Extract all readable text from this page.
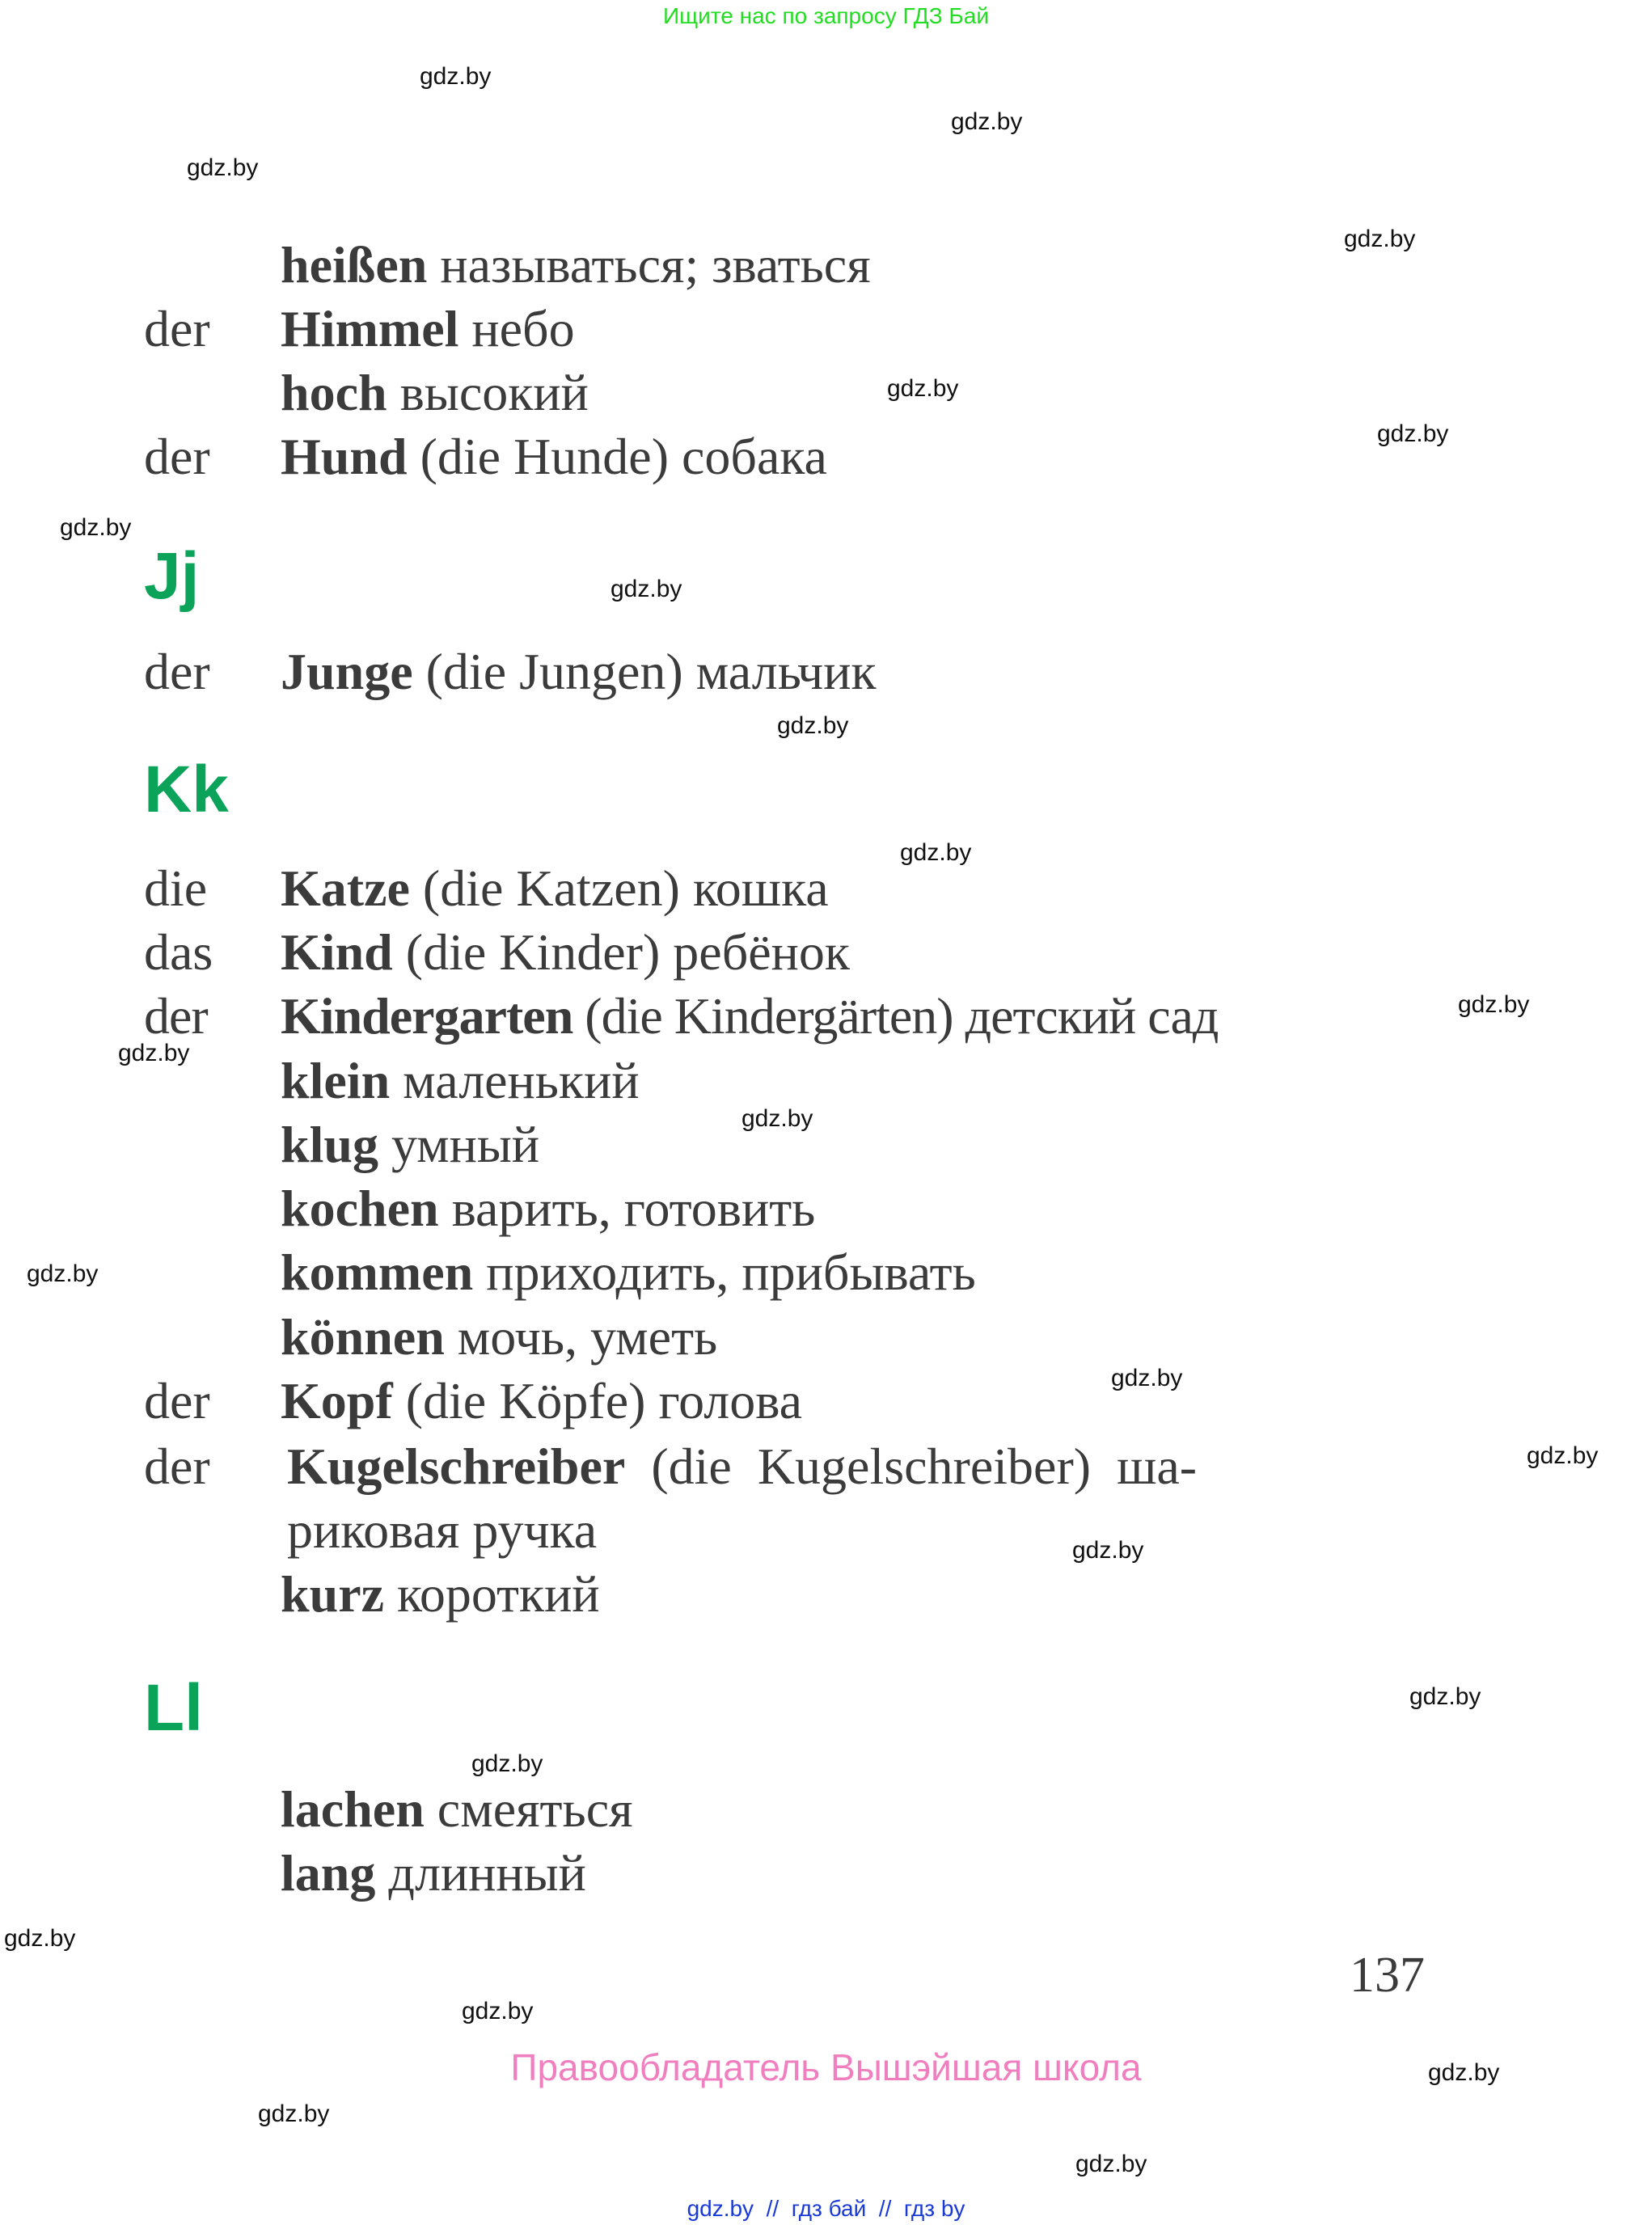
Ищите нас по запросу ГДЗ Бай
heißen называться; зваться
der Himmel небо
hoch высокий
der Hund (die Hunde) собака
Jj
der Junge (die Jungen) мальчик
Kk
die Katze (die Katzen) кошка
das Kind (die Kinder) ребёнок
der Kindergarten (die Kindergärten) детский сад
klein маленький
klug умный
kochen варить, готовить
kommen приходить, прибывать
können мочь, уметь
der Kopf (die Köpfe) голова
der Kugelschreiber  (die  Kugelschreiber)  ша-
риковая ручка
kurz короткий
Ll
lachen смеяться
lang длинный
137
Правообладатель Вышэйшая школа
gdz.by  //  гдз бай  //  гдз by
gdz.by
gdz.by
gdz.by
gdz.by
gdz.by
gdz.by
gdz.by
gdz.by
gdz.by
gdz.by
gdz.by
gdz.by
gdz.by
gdz.by
gdz.by
gdz.by
gdz.by
gdz.by
gdz.by
gdz.by
gdz.by
gdz.by
gdz.by
gdz.by
